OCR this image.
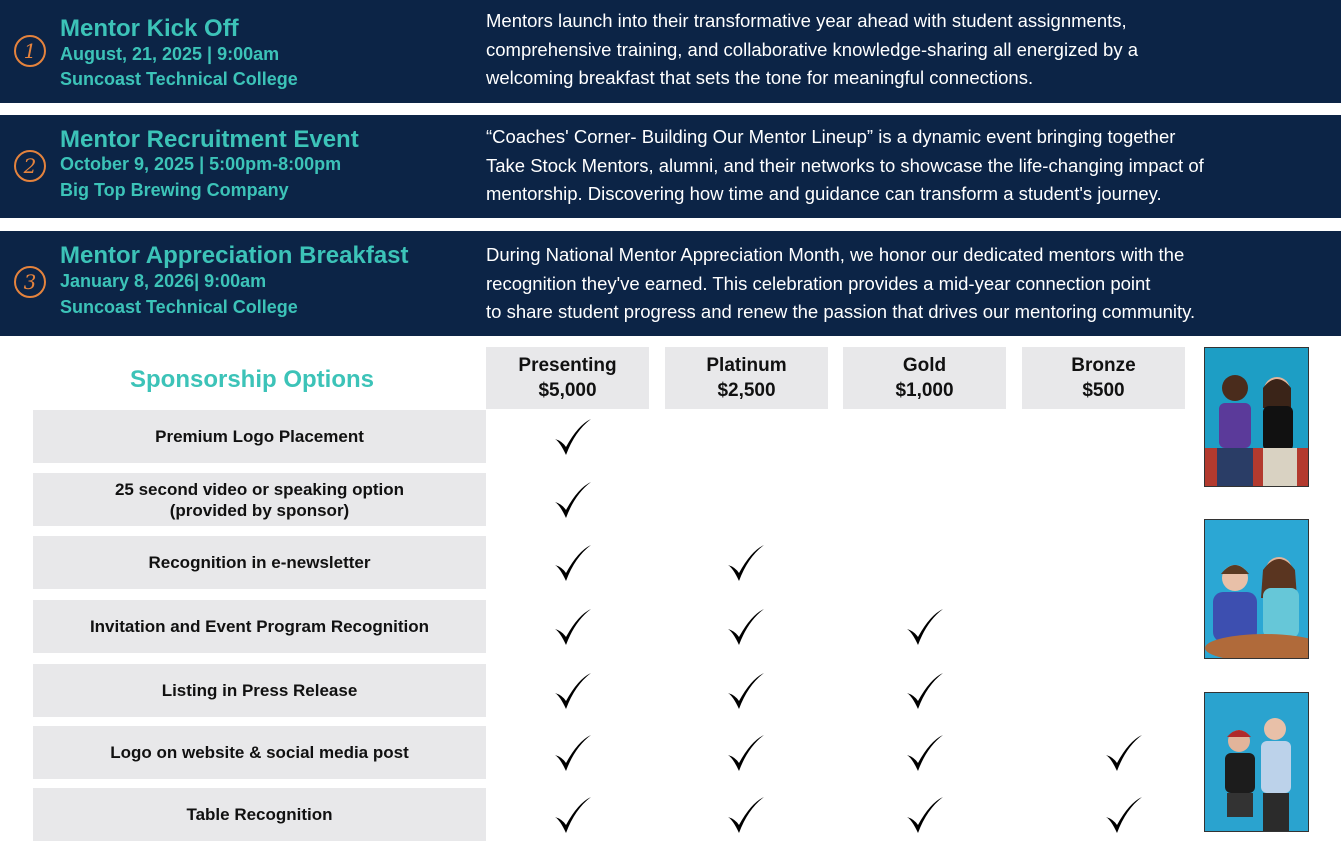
1
Mentor Kick Off
August, 21, 2025 | 9:00am
Suncoast Technical College
Mentors launch into their transformative year ahead with student assignments,
comprehensive training, and collaborative knowledge-sharing all energized by a
welcoming breakfast that sets the tone for meaningful connections.
2
Mentor Recruitment Event
October 9, 2025 | 5:00pm-8:00pm
Big Top Brewing Company
“Coaches' Corner- Building Our Mentor Lineup” is a dynamic event bringing together
Take Stock Mentors, alumni, and their networks to showcase the life-changing impact of
mentorship. Discovering how time and guidance can transform a student's journey.
3
Mentor Appreciation Breakfast
January 8, 2026| 9:00am
Suncoast Technical College
During National Mentor Appreciation Month, we honor our dedicated mentors with the
recognition they've earned. This celebration provides a mid-year connection point
to share student progress and renew the passion that drives our mentoring community.
Sponsorship Options
Presenting
$5,000
Platinum
$2,500
Gold
$1,000
Bronze
$500
Premium Logo Placement
25 second video or speaking option
(provided by sponsor)
Recognition in e-newsletter
Invitation and Event Program Recognition
Listing in Press Release
Logo on website & social media post
Table Recognition
